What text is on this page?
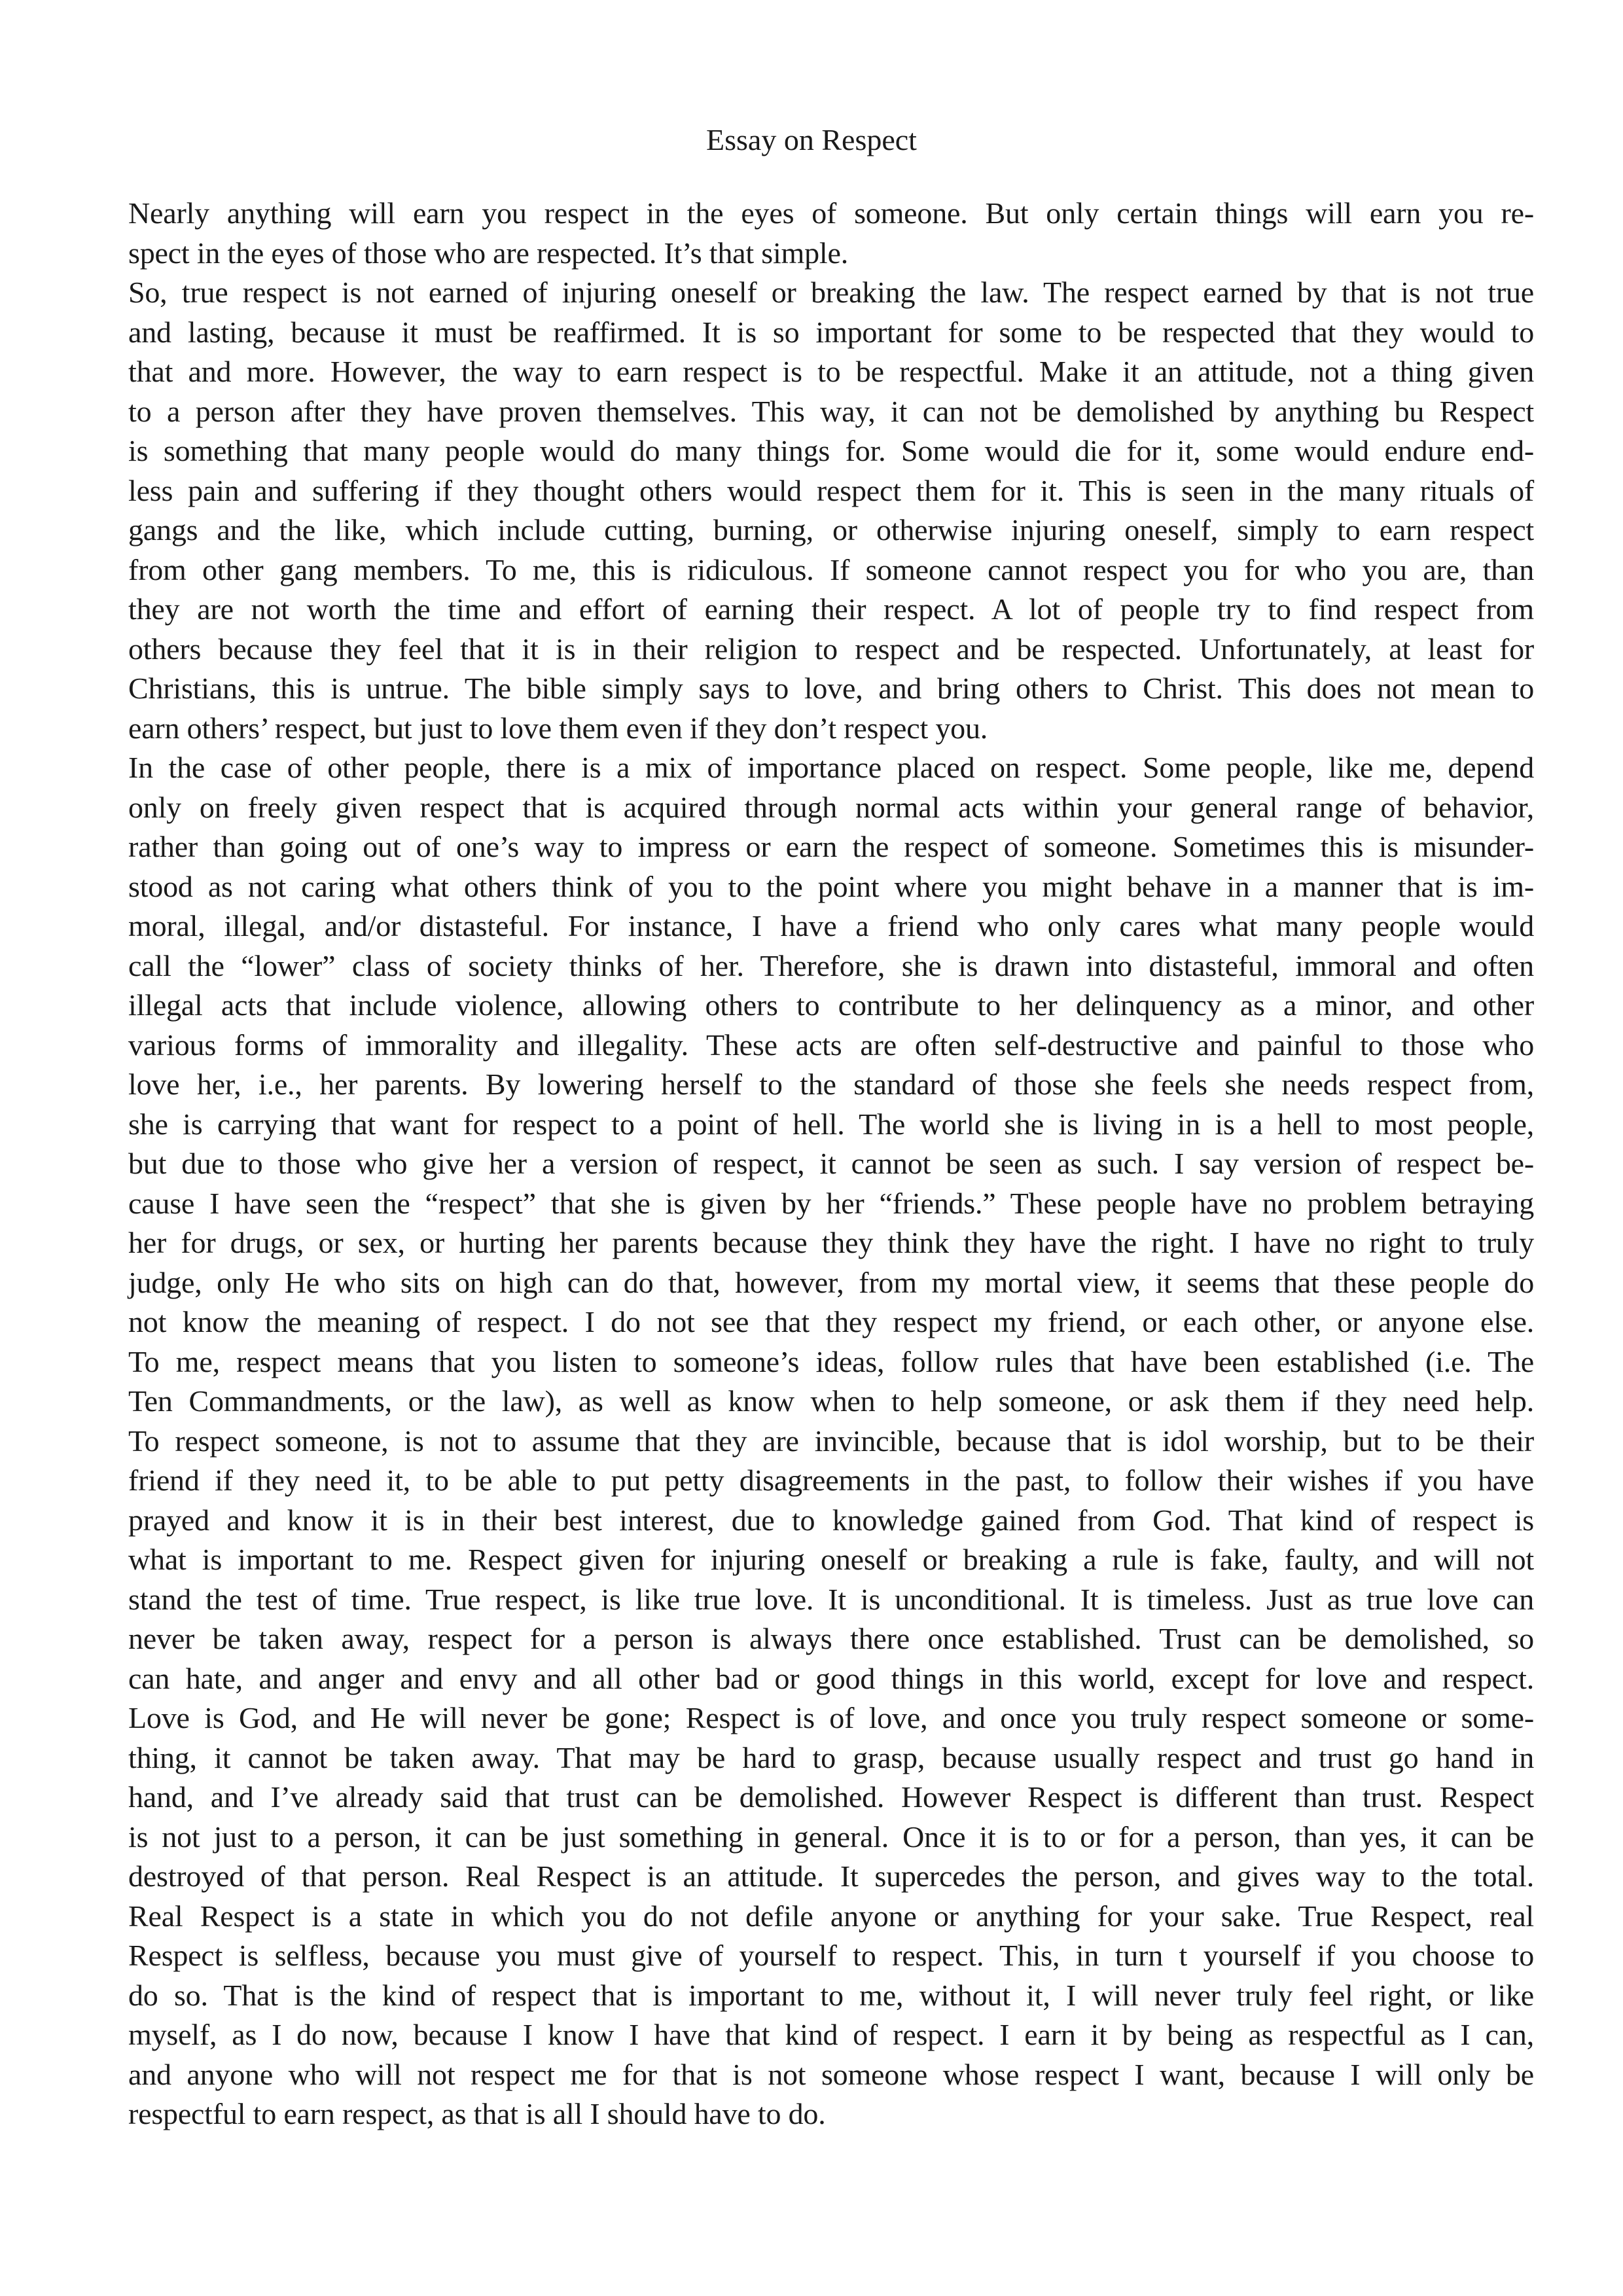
Essay on Respect
Nearly anything will earn you respect in the eyes of someone. But only certain things will earn you re-
spect in the eyes of those who are respected. It’s that simple.
So, true respect is not earned of injuring oneself or breaking the law. The respect earned by that is not true
and lasting, because it must be reaffirmed. It is so important for some to be respected that they would to
that and more. However, the way to earn respect is to be respectful. Make it an attitude, not a thing given
to a person after they have proven themselves. This way, it can not be demolished by anything bu Respect
is something that many people would do many things for. Some would die for it, some would endure end-
less pain and suffering if they thought others would respect them for it. This is seen in the many rituals of
gangs and the like, which include cutting, burning, or otherwise injuring oneself, simply to earn respect
from other gang members. To me, this is ridiculous. If someone cannot respect you for who you are, than
they are not worth the time and effort of earning their respect. A lot of people try to find respect from
others because they feel that it is in their religion to respect and be respected. Unfortunately, at least for
Christians, this is untrue. The bible simply says to love, and bring others to Christ. This does not mean to
earn others’ respect, but just to love them even if they don’t respect you.
In the case of other people, there is a mix of importance placed on respect. Some people, like me, depend
only on freely given respect that is acquired through normal acts within your general range of behavior,
rather than going out of one’s way to impress or earn the respect of someone. Sometimes this is misunder-
stood as not caring what others think of you to the point where you might behave in a manner that is im-
moral, illegal, and/or distasteful. For instance, I have a friend who only cares what many people would
call the “lower” class of society thinks of her. Therefore, she is drawn into distasteful, immoral and often
illegal acts that include violence, allowing others to contribute to her delinquency as a minor, and other
various forms of immorality and illegality. These acts are often self-destructive and painful to those who
love her, i.e., her parents. By lowering herself to the standard of those she feels she needs respect from,
she is carrying that want for respect to a point of hell. The world she is living in is a hell to most people,
but due to those who give her a version of respect, it cannot be seen as such. I say version of respect be-
cause I have seen the “respect” that she is given by her “friends.” These people have no problem betraying
her for drugs, or sex, or hurting her parents because they think they have the right. I have no right to truly
judge, only He who sits on high can do that, however, from my mortal view, it seems that these people do
not know the meaning of respect. I do not see that they respect my friend, or each other, or anyone else.
To me, respect means that you listen to someone’s ideas, follow rules that have been established (i.e. The
Ten Commandments, or the law), as well as know when to help someone, or ask them if they need help.
To respect someone, is not to assume that they are invincible, because that is idol worship, but to be their
friend if they need it, to be able to put petty disagreements in the past, to follow their wishes if you have
prayed and know it is in their best interest, due to knowledge gained from God. That kind of respect is
what is important to me. Respect given for injuring oneself or breaking a rule is fake, faulty, and will not
stand the test of time. True respect, is like true love. It is unconditional. It is timeless. Just as true love can
never be taken away, respect for a person is always there once established. Trust can be demolished, so
can hate, and anger and envy and all other bad or good things in this world, except for love and respect.
Love is God, and He will never be gone; Respect is of love, and once you truly respect someone or some-
thing, it cannot be taken away. That may be hard to grasp, because usually respect and trust go hand in
hand, and I’ve already said that trust can be demolished. However Respect is different than trust. Respect
is not just to a person, it can be just something in general. Once it is to or for a person, than yes, it can be
destroyed of that person. Real Respect is an attitude. It supercedes the person, and gives way to the total.
Real Respect is a state in which you do not defile anyone or anything for your sake. True Respect, real
Respect is selfless, because you must give of yourself to respect. This, in turn t yourself if you choose to
do so. That is the kind of respect that is important to me, without it, I will never truly feel right, or like
myself, as I do now, because I know I have that kind of respect. I earn it by being as respectful as I can,
and anyone who will not respect me for that is not someone whose respect I want, because I will only be
respectful to earn respect, as that is all I should have to do.
